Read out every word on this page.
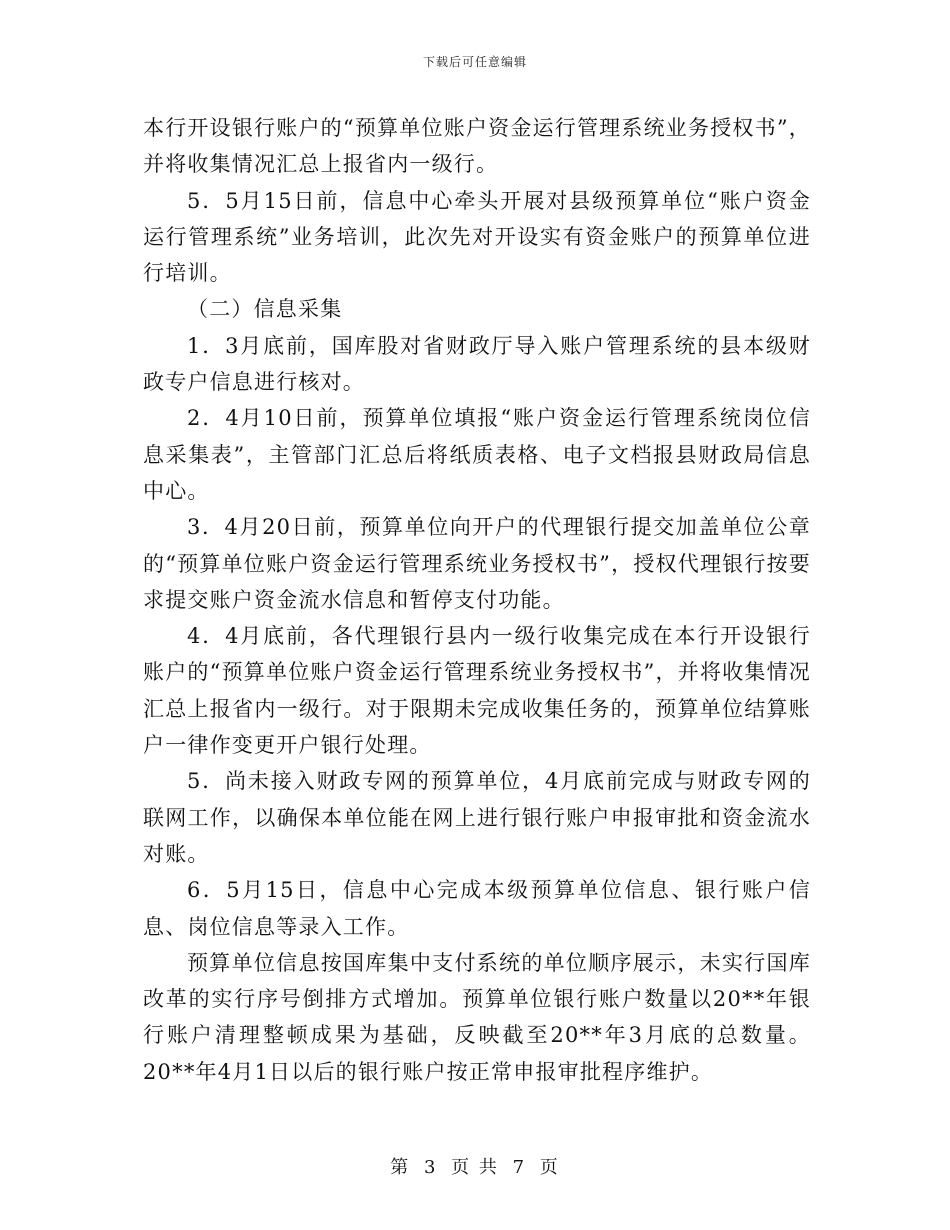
下载后可任意编辑

本行开设银行账户的“预算单位账户资金运行管理系统业务授权书”，并将收集情况汇总上报省内一级行。

5．5月15日前，信息中心牵头开展对县级预算单位“账户资金运行管理系统”业务培训，此次先对开设实有资金账户的预算单位进行培训。

（二）信息采集

1．3月底前，国库股对省财政厅导入账户管理系统的县本级财政专户信息进行核对。

2．4月10日前，预算单位填报“账户资金运行管理系统岗位信息采集表”，主管部门汇总后将纸质表格、电子文档报县财政局信息中心。

3．4月20日前，预算单位向开户的代理银行提交加盖单位公章的“预算单位账户资金运行管理系统业务授权书”，授权代理银行按要求提交账户资金流水信息和暂停支付功能。

4．4月底前，各代理银行县内一级行收集完成在本行开设银行账户的“预算单位账户资金运行管理系统业务授权书”，并将收集情况汇总上报省内一级行。对于限期未完成收集任务的，预算单位结算账户一律作变更开户银行处理。

5．尚未接入财政专网的预算单位，4月底前完成与财政专网的联网工作，以确保本单位能在网上进行银行账户申报审批和资金流水对账。

6．5月15日，信息中心完成本级预算单位信息、银行账户信息、岗位信息等录入工作。

预算单位信息按国库集中支付系统的单位顺序展示，未实行国库改革的实行序号倒排方式增加。预算单位银行账户数量以20**年银行账户清理整顿成果为基础，反映截至20**年3月底的总数量。20**年4月1日以后的银行账户按正常申报审批程序维护。

第 3 页 共 7 页
